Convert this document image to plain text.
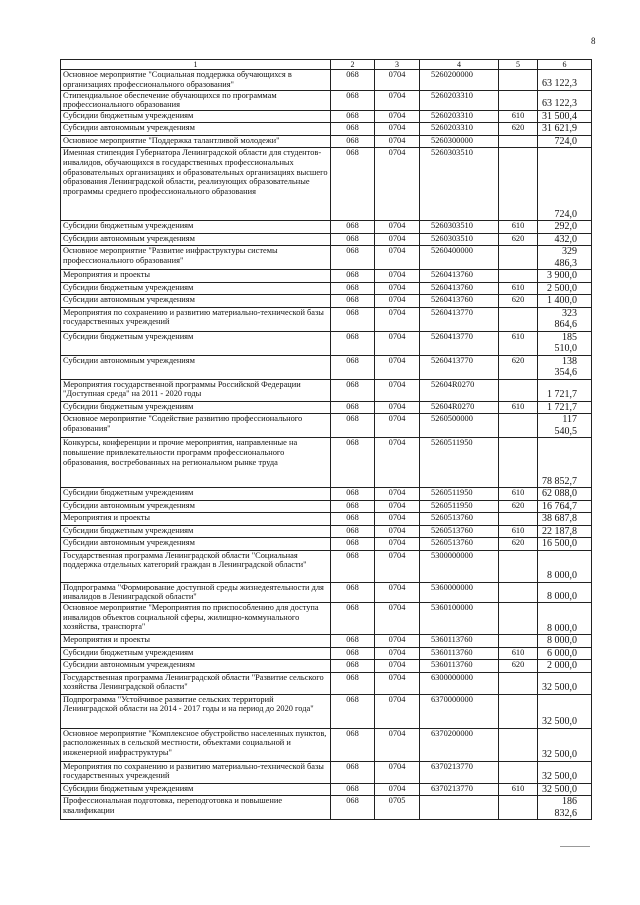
8
1	2	3	4	5	6
Основное мероприятие "Социальная поддержка обучающихся в организациях профессионального образования"	068	0704	5260200000		63 122,3
Стипендиальное обеспечение обучающихся по программам профессионального образования	068	0704	5260203310		63 122,3
Субсидии бюджетным учреждениям	068	0704	5260203310	610	31 500,4
Субсидии автономным учреждениям	068	0704	5260203310	620	31 621,9
Основное мероприятие "Поддержка талантливой молодежи"	068	0704	5260300000		724,0
Именная стипендия Губернатора Ленинградской области для студентов-инвалидов, обучающихся в государственных профессиональных образовательных организациях и образовательных организациях высшего образования Ленинградской области, реализующих образовательные программы среднего профессионального образования	068	0704	5260303510		724,0
Субсидии бюджетным учреждениям	068	0704	5260303510	610	292,0
Субсидии автономным учреждениям	068	0704	5260303510	620	432,0
Основное мероприятие "Развитие инфраструктуры системы профессионального образования"	068	0704	5260400000		329 486,3
Мероприятия и проекты	068	0704	5260413760		3 900,0
Субсидии бюджетным учреждениям	068	0704	5260413760	610	2 500,0
Субсидии автономным учреждениям	068	0704	5260413760	620	1 400,0
Мероприятия по сохранению и развитию материально-технической базы государственных учреждений	068	0704	5260413770		323 864,6
Субсидии бюджетным учреждениям	068	0704	5260413770	610	185 510,0
Субсидии автономным учреждениям	068	0704	5260413770	620	138 354,6
Мероприятия государственной программы Российской Федерации "Доступная среда" на 2011 - 2020 годы	068	0704	52604R0270		1 721,7
Субсидии бюджетным учреждениям	068	0704	52604R0270	610	1 721,7
Основное мероприятие "Содействие развитию профессионального образования"	068	0704	5260500000		117 540,5
Конкурсы, конференции и прочие мероприятия, направленные на повышение привлекательности программ профессионального образования, востребованных на региональном рынке труда	068	0704	5260511950		78 852,7
Субсидии бюджетным учреждениям	068	0704	5260511950	610	62 088,0
Субсидии автономным учреждениям	068	0704	5260511950	620	16 764,7
Мероприятия и проекты	068	0704	5260513760		38 687,8
Субсидии бюджетным учреждениям	068	0704	5260513760	610	22 187,8
Субсидии автономным учреждениям	068	0704	5260513760	620	16 500,0
Государственная программа Ленинградской области "Социальная поддержка отдельных категорий граждан в Ленинградской области"	068	0704	5300000000		8 000,0
Подпрограмма "Формирование доступной среды жизнедеятельности для инвалидов в Ленинградской области"	068	0704	5360000000		8 000,0
Основное мероприятие "Мероприятия по приспособлению для доступа инвалидов объектов социальной сферы, жилищно-коммунального хозяйства, транспорта"	068	0704	5360100000		8 000,0
Мероприятия и проекты	068	0704	5360113760		8 000,0
Субсидии бюджетным учреждениям	068	0704	5360113760	610	6 000,0
Субсидии автономным учреждениям	068	0704	5360113760	620	2 000,0
Государственная программа Ленинградской области "Развитие сельского хозяйства Ленинградской области"	068	0704	6300000000		32 500,0
Подпрограмма "Устойчивое развитие сельских территорий Ленинградской области на 2014 - 2017 годы и на период до 2020 года"	068	0704	6370000000		32 500,0
Основное мероприятие "Комплексное обустройство населенных пунктов, расположенных в сельской местности, объектами социальной и инженерной инфраструктуры"	068	0704	6370200000		32 500,0
Мероприятия по сохранению и развитию материально-технической базы государственных учреждений	068	0704	6370213770		32 500,0
Субсидии бюджетным учреждениям	068	0704	6370213770	610	32 500,0
Профессиональная подготовка, переподготовка и повышение квалификации	068	0705			186 832,6
